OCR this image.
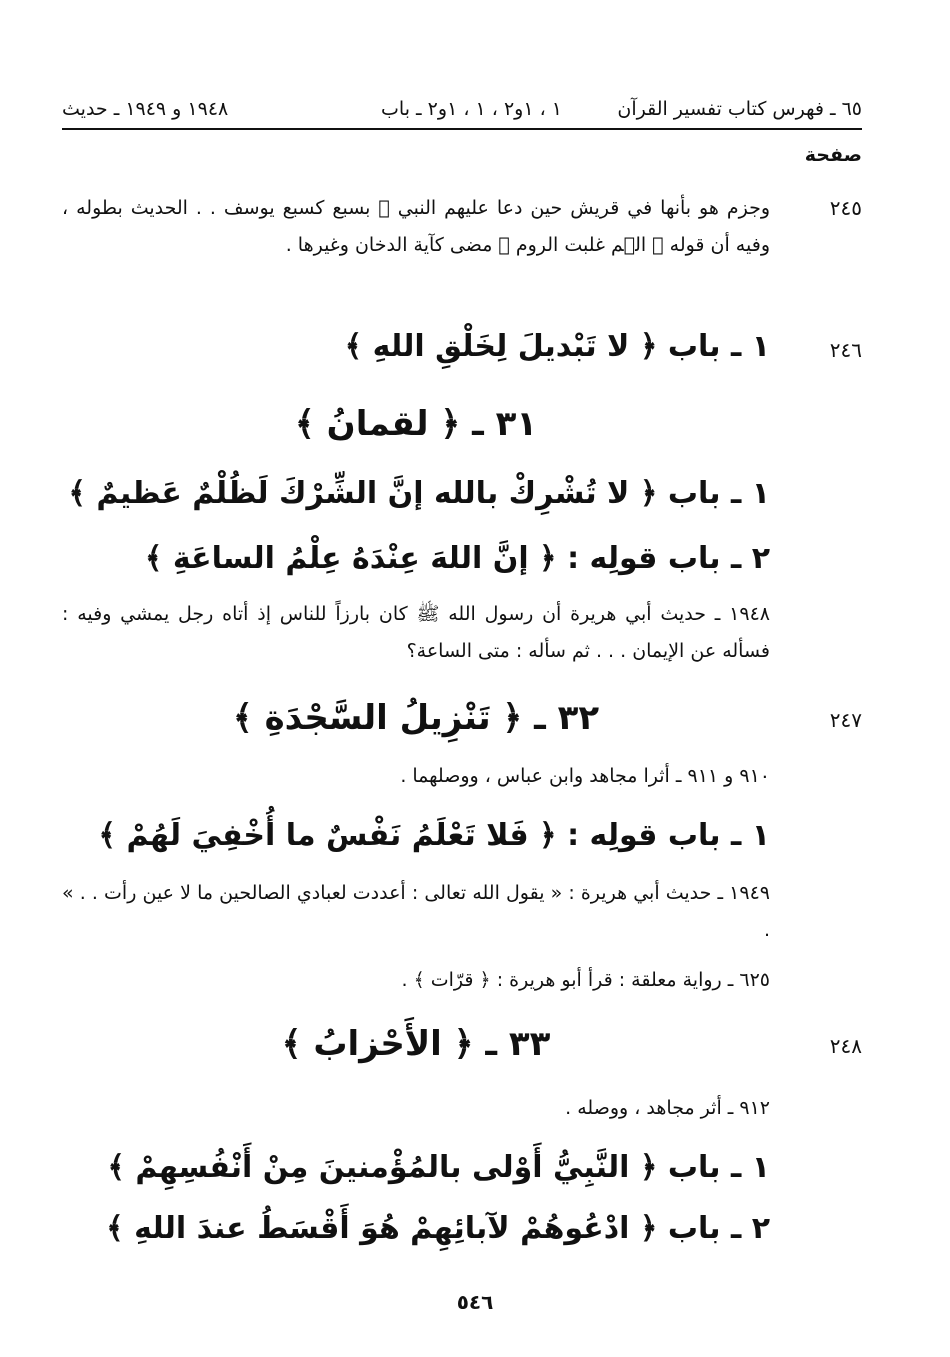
٦٥ ـ فهرس كتاب تفسير القرآن
١ ، ١و٢ ، ١ ، ١و٢ ـ باب
١٩٤٨ و ١٩٤٩ ـ حديث
صفحة
٢٤٥
وجزم هو بأنها في قريش حين دعا عليهم النبي ﷺ بسبع كسبع يوسف . . الحديث بطوله ، وفيه أن قوله ﴿ الۤم غلبت الروم ﴾ مضى كآية الدخان وغيرها .
٢٤٦
١ ـ باب ﴿ لا تَبْديلَ لِخَلْقِ اللهِ ﴾
٣١ ـ ﴿ لقمانُ ﴾
١ ـ باب ﴿ لا تُشْرِكْ بالله إنَّ الشِّرْكَ لَظُلْمٌ عَظيمٌ ﴾
٢ ـ باب قولِه : ﴿ إنَّ اللهَ عِنْدَهُ عِلْمُ الساعَةِ ﴾
١٩٤٨ ـ حديث أبي هريرة أن رسول الله ﷺ كان بارزاً للناس إذ أتاه رجل يمشي وفيه : فسأله عن الإيمان . . . ثم سأله : متى الساعة؟
٢٤٧
٣٢ ـ ﴿ تَنْزِيلُ السَّجْدَةِ ﴾
٩١٠ و ٩١١ ـ أثرا مجاهد وابن عباس ، ووصلهما .
١ ـ باب قولِه : ﴿ فَلا تَعْلَمُ نَفْسٌ ما أُخْفِيَ لَهُمْ ﴾
١٩٤٩ ـ حديث أبي هريرة : « يقول الله تعالى : أعددت لعبادي الصالحين ما لا عين رأت . . » .
٦٢٥ ـ رواية معلقة : قرأ أبو هريرة : ﴿ قرّات ﴾ .
٢٤٨
٣٣ ـ ﴿ الأَحْزابُ ﴾
٩١٢ ـ أثر مجاهد ، ووصله .
١ ـ باب ﴿ النَّبِيُّ أَوْلى بالمُؤْمنينَ مِنْ أَنْفُسِهِمْ ﴾
٢ ـ باب ﴿ ادْعُوهُمْ لآبائِهِمْ هُوَ أَقْسَطُ عندَ اللهِ ﴾
٥٤٦
